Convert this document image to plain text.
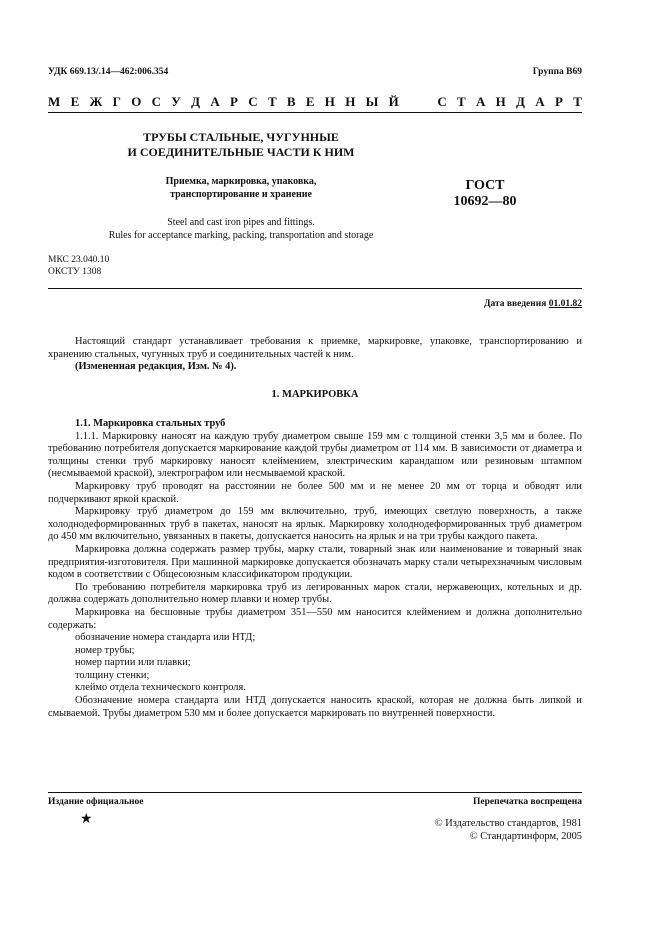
УДК 669.13/.14—462:006.354	Группа В69
М Е Ж Г О С У Д А Р С Т В Е Н Н Ы Й	С Т А Н Д А Р Т
ТРУБЫ СТАЛЬНЫЕ, ЧУГУННЫЕ
И СОЕДИНИТЕЛЬНЫЕ ЧАСТИ К НИМ
Приемка, маркировка, упаковка,
транспортирование и хранение
ГОСТ
10692—80
Steel and cast iron pipes and fittings.
Rules for acceptance marking, packing, transportation and storage
МКС 23.040.10
ОКСТУ 1308
Дата введения 01.01.82

Настоящий стандарт устанавливает требования к приемке, маркировке, упаковке, транспортированию и хранению стальных, чугунных труб и соединительных частей к ним.

(Измененная редакция, Изм. № 4).

1. МАРКИРОВКА

1.1. Маркировка стальных труб

1.1.1. Маркировку наносят на каждую трубу диаметром свыше 159 мм с толщиной стенки 3,5 мм и более. По требованию потребителя допускается маркирование каждой трубы диаметром от 114 мм. В зависимости от диаметра и толщины стенки труб маркировку наносят клеймением, электрическим карандашом или резиновым штампом (несмываемой краской), электрографом или несмываемой краской.

Маркировку труб проводят на расстоянии не более 500 мм и не менее 20 мм от торца и обводят или подчеркивают яркой краской.

Маркировку труб диаметром до 159 мм включительно, труб, имеющих светлую поверхность, а также холоднодеформированных труб в пакетах, наносят на ярлык. Маркировку холоднодеформированных труб диаметром до 450 мм включительно, увязанных в пакеты, допускается наносить на ярлык и на три трубы каждого пакета.

Маркировка должна содержать размер трубы, марку стали, товарный знак или наименование и товарный знак предприятия-изготовителя. При машинной маркировке допускается обозначать марку стали четырехзначным числовым кодом в соответствии с Общесоюзным классификатором продукции.

По требованию потребителя маркировка труб из легированных марок стали, нержавеющих, котельных и др. должна содержать дополнительно номер плавки и номер трубы.

Маркировка на бесшовные трубы диаметром 351—550 мм наносится клеймением и должна дополнительно содержать:

обозначение номера стандарта или НТД;

номер трубы;

номер партии или плавки;

толщину стенки;

клеймо отдела технического контроля.

Обозначение номера стандарта или НТД допускается наносить краской, которая не должна быть липкой и смываемой. Трубы диаметром 530 мм и более допускается маркировать по внутренней поверхности.

Издание официальное	Перепечатка воспрещена
★	© Издательство стандартов, 1981
© Стандартинформ, 2005
